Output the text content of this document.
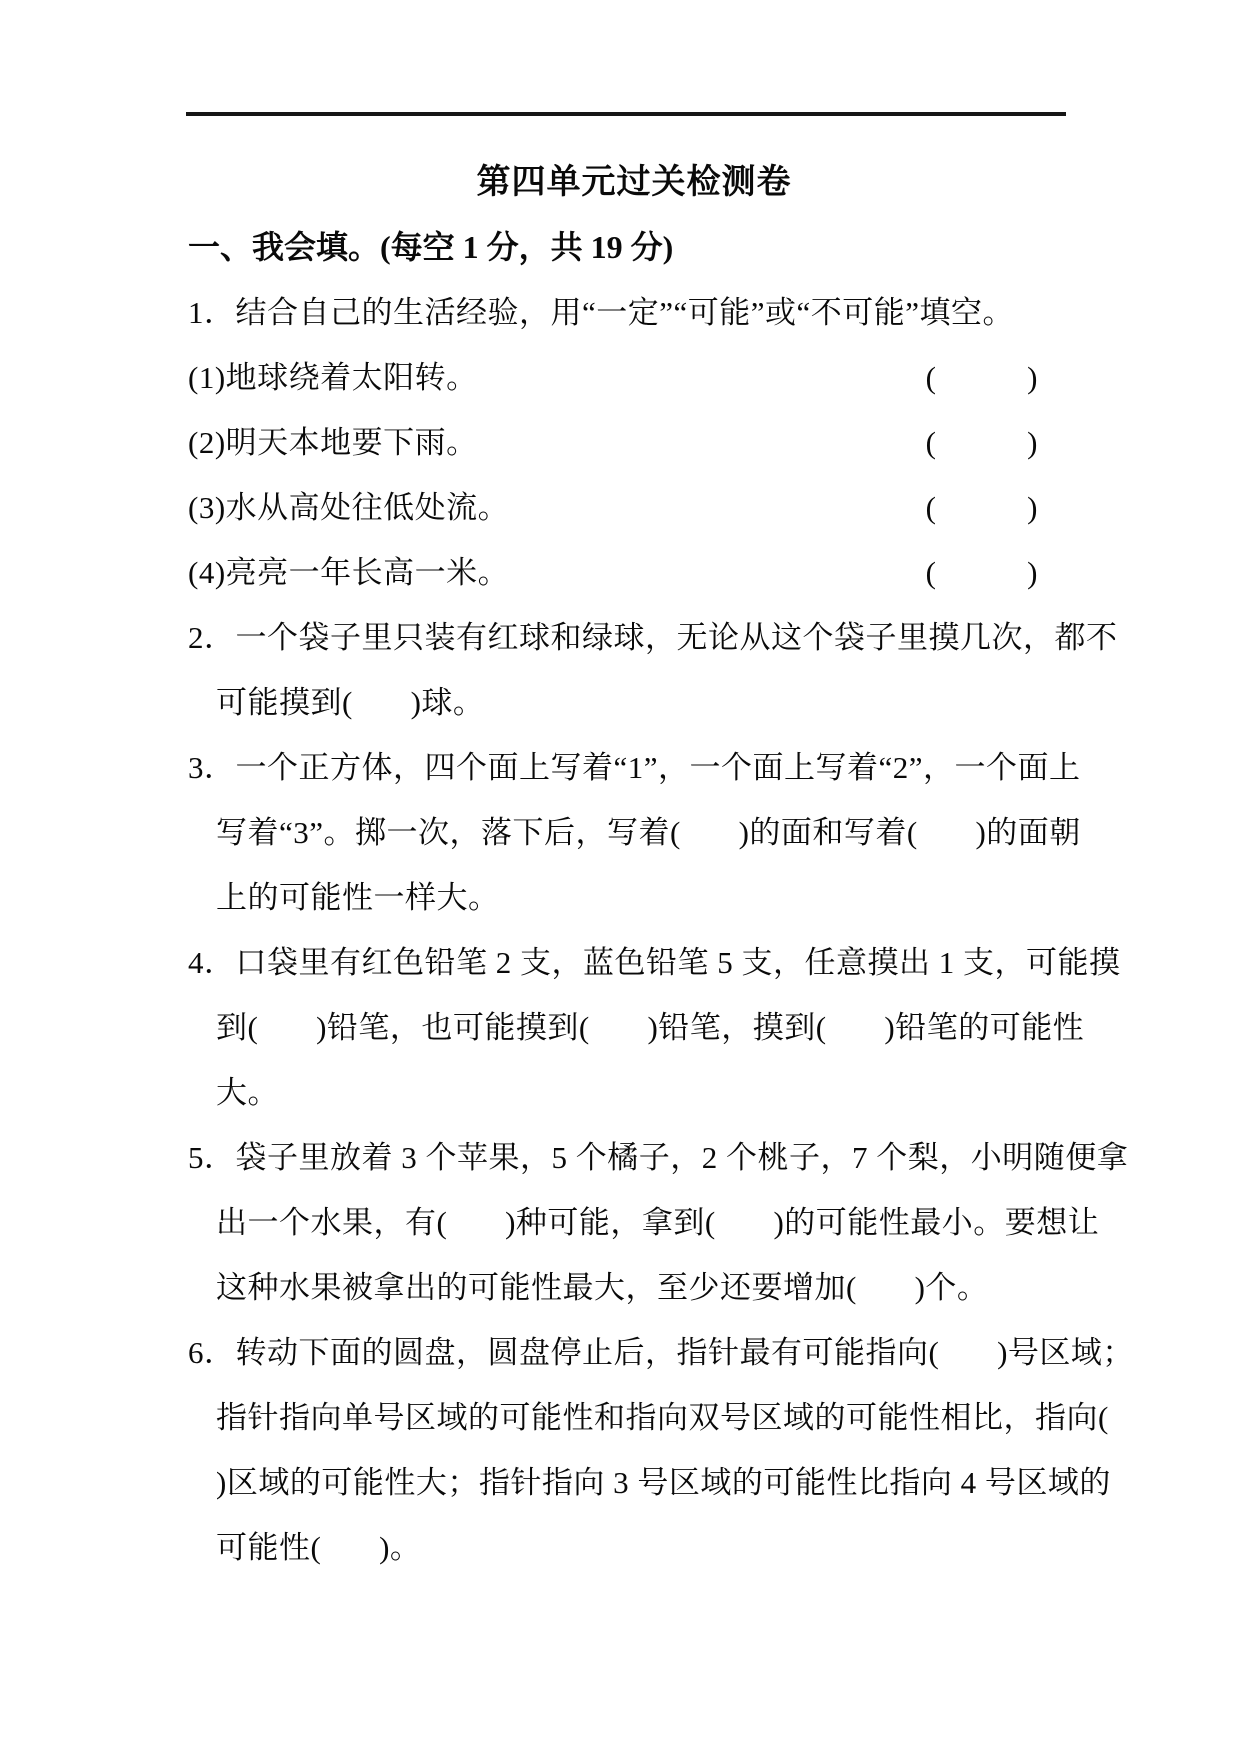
第四单元过关检测卷
一、我会填。(每空 1 分，共 19 分)
1．结合自己的生活经验，用“一定”“可能”或“不可能”填空。
(1)地球绕着太阳转。	(           )
(2)明天本地要下雨。	(           )
(3)水从高处往低处流。	(           )
(4)亮亮一年长高一米。	(           )
2．一个袋子里只装有红球和绿球，无论从这个袋子里摸几次，都不
可能摸到(       )球。
3．一个正方体，四个面上写着“1”，一个面上写着“2”，一个面上
写着“3”。掷一次，落下后，写着(       )的面和写着(       )的面朝
上的可能性一样大。
4．口袋里有红色铅笔 2 支，蓝色铅笔 5 支，任意摸出 1 支，可能摸
到(       )铅笔，也可能摸到(       )铅笔，摸到(       )铅笔的可能性
大。
5．袋子里放着 3 个苹果，5 个橘子，2 个桃子，7 个梨，小明随便拿
出一个水果，有(       )种可能，拿到(       )的可能性最小。要想让
这种水果被拿出的可能性最大，至少还要增加(       )个。
6．转动下面的圆盘，圆盘停止后，指针最有可能指向(       )号区域；
指针指向单号区域的可能性和指向双号区域的可能性相比，指向(
)区域的可能性大；指针指向 3 号区域的可能性比指向 4 号区域的
可能性(       )。
